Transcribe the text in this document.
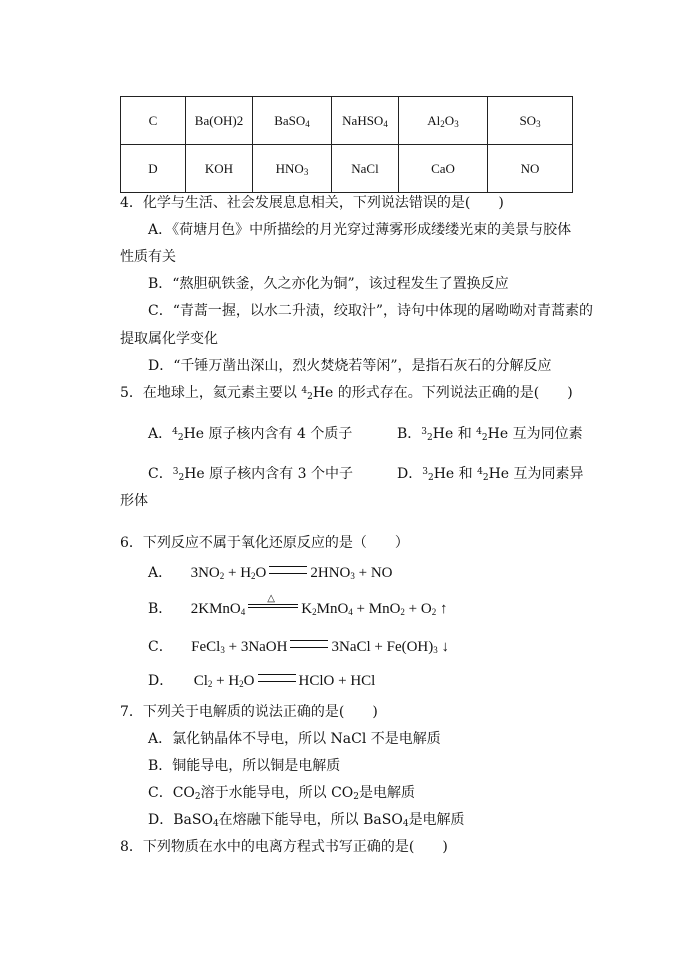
C	Ba(OH)2	BaSO$_4$	NaHSO$_4$	$Al_2O_3$	$SO_3$
D	KOH	$HNO_3$	NaCl	CaO	NO
4．化学与生活、社会发展息息相关，下列说法错误的是(　　)
A．《荷塘月色》中所描绘的月光穿过薄雾形成缕缕光束的美景与胶体
性质有关
B．“熬胆矾铁釜，久之亦化为铜”，该过程发生了置换反应
C．“青蒿一握，以水二升渍，绞取汁”，诗句中体现的屠呦呦对青蒿素的
提取属化学变化
D．“千锤万凿出深山，烈火焚烧若等闲”，是指石灰石的分解反应
5．在地球上，氦元素主要以 $^4_2$He 的形式存在。下列说法正确的是(　　)
A．$^4_2$He 原子核内含有 4 个质子	B．$^3_2$He 和 $^4_2$He 互为同位素
C．$^3_2$He 原子核内含有 3 个中子	D．$^3_2$He 和 $^4_2$He 互为同素异
形体
6．下列反应不属于氧化还原反应的是（　　）
A． $3NO_2 + H_2O$	$2HNO_3$ + NO
B． 2KMnO$_4$
△
$K_2MnO_4 + MnO_2 + O_2$ ↑
C． FeCl$_3$ + 3NaOH	3NaCl + $Fe(OH)_3$ ↓
D． $Cl_2 + H_2O$	HClO + HCl
7．下列关于电解质的说法正确的是(　　)
A．氯化钠晶体不导电，所以 NaCl 不是电解质
B．铜能导电，所以铜是电解质
C．$CO_2$溶于水能导电，所以 $CO_2$是电解质
D．BaSO$_4$在熔融下能导电，所以 BaSO$_4$是电解质
8．下列物质在水中的电离方程式书写正确的是(　　)
